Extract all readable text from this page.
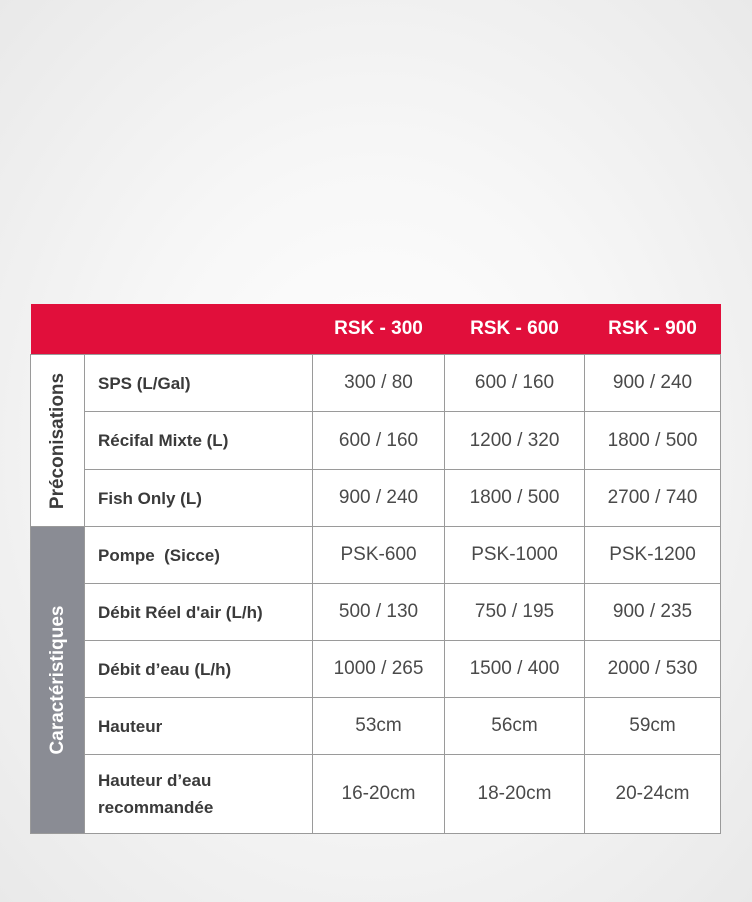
		RSK - 300	RSK - 600	RSK - 900

Préconisations	SPS (L/Gal)	300 / 80	600 / 160	900 / 240
	Récifal Mixte (L)	600 / 160	1200 / 320	1800 / 500
	Fish Only (L)	900 / 240	1800 / 500	2700 / 740

Caractéristiques	Pompe  (Sicce)	PSK-600	PSK-1000	PSK-1200
	Débit Réel d'air (L/h)	500 / 130	750 / 195	900 / 235
	Débit d’eau (L/h)	1000 / 265	1500 / 400	2000 / 530
	Hauteur	53cm	56cm	59cm
	Hauteur d’eau recommandée	16-20cm	18-20cm	20-24cm
